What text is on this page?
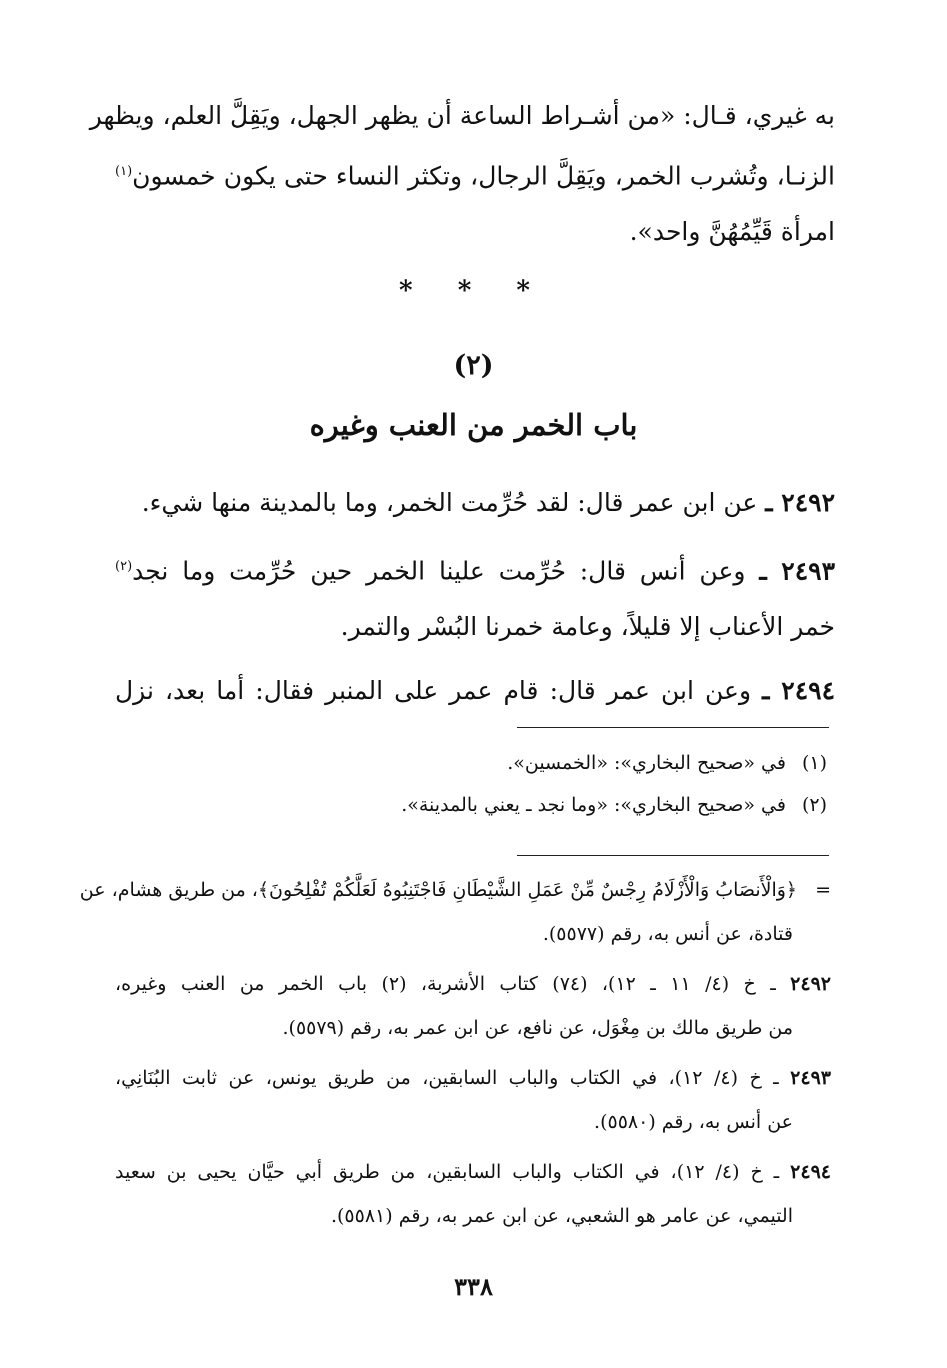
به غيري، قـال: «من أشـراط الساعة أن يظهر الجهل، ويَقِلَّ العلم، ويظهر
الزنـا، وتُشرب الخمر، ويَقِلَّ الرجال، وتكثر النساء حتى يكون خمسون$^{(١)}$
امرأة قَيِّمُهُنَّ واحد».
* * *
(٢)
باب الخمر من العنب وغيره
٢٤٩٢ ـ عن ابن عمر قال: لقد حُرِّمت الخمر، وما بالمدينة منها شيء.
٢٤٩٣ ـ وعن أنس قال: حُرِّمت علينا الخمر حين حُرِّمت وما نجد$^{(٢)}$
خمر الأعناب إلا قليلاً، وعامة خمرنا البُسْر والتمر.
٢٤٩٤ ـ وعن ابن عمر قال: قام عمر على المنبر فقال: أما بعد، نزل
(١)في «صحيح البخاري»: «الخمسين».
(٢)في «صحيح البخاري»: «وما نجد ـ يعني بالمدينة».
=﴿وَالْأَنصَابُ وَالْأَزْلَامُ رِجْسٌ مِّنْ عَمَلِ الشَّيْطَانِ فَاجْتَنِبُوهُ لَعَلَّكُمْ تُفْلِحُونَ﴾، من طريق هشام، عن
قتادة، عن أنس به، رقم (٥٥٧٧).
٢٤٩٢ ـ خ (٤/ ١١ ـ ١٢)، (٧٤) كتاب الأشربة، (٢) باب الخمر من العنب وغيره،
من طريق مالك بن مِغْوَل، عن نافع، عن ابن عمر به، رقم (٥٥٧٩).
٢٤٩٣ ـ خ (٤/ ١٢)، في الكتاب والباب السابقين، من طريق يونس، عن ثابت البُنَانِي،
عن أنس به، رقم (٥٥٨٠).
٢٤٩٤ ـ خ (٤/ ١٢)، في الكتاب والباب السابقين، من طريق أبي حيَّان يحيى بن سعيد
التيمي، عن عامر هو الشعبي، عن ابن عمر به، رقم (٥٥٨١).
٣٣٨
